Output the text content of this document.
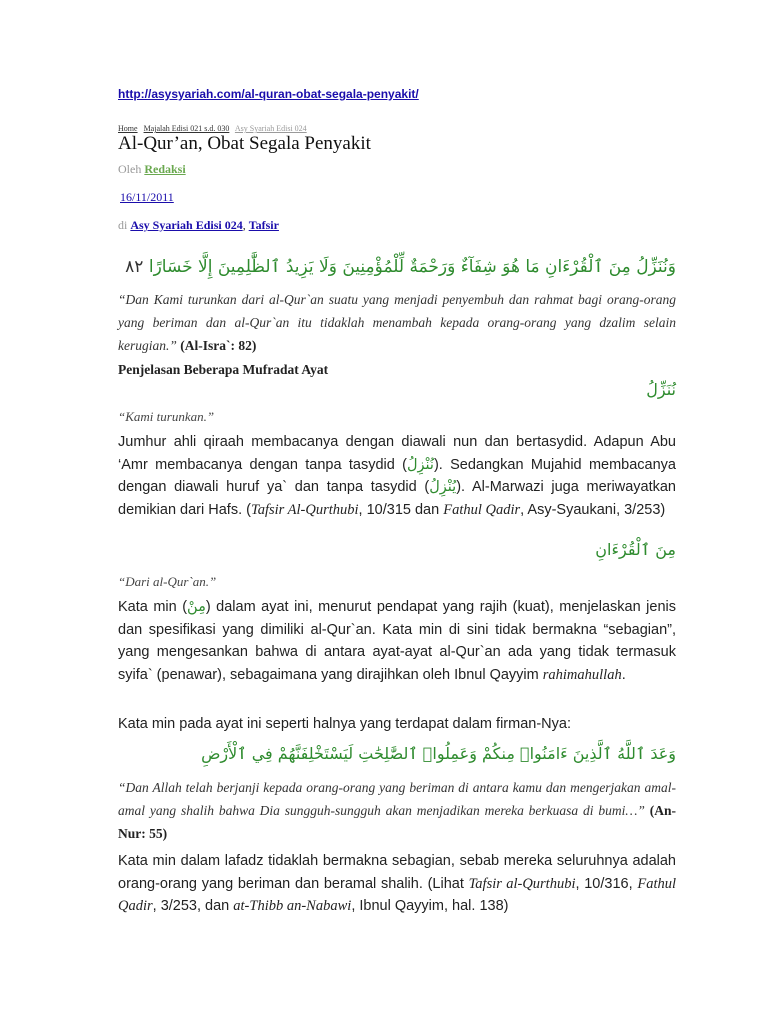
http://asysyariah.com/al-quran-obat-segala-penyakit/
Home Majalah Edisi 021 s.d. 030 Asy Syariah Edisi 024
Al-Qur’an, Obat Segala Penyakit
Oleh Redaksi
16/11/2011
di Asy Syariah Edisi 024, Tafsir
وَنُنَزِّلُ مِنَ ٱلْقُرْءَانِ مَا هُوَ شِفَآءٌ وَرَحْمَةٌ لِّلْمُؤْمِنِينَ وَلَا يَزِيدُ ٱلظَّٰلِمِينَ إِلَّا خَسَارًا ٨٢
“Dan Kami turunkan dari al-Qur`an suatu yang menjadi penyembuh dan rahmat bagi orang-orang yang beriman dan al-Qur`an itu tidaklah menambah kepada orang-orang yang dzalim selain kerugian.” (Al-Isra`: 82)
Penjelasan Beberapa Mufradat Ayat
نُنَزِّلُ
“Kami turunkan.”
Jumhur ahli qiraah membacanya dengan diawali nun dan bertasydid. Adapun Abu ‘Amr membacanya dengan tanpa tasydid (نُنْزِلُ). Sedangkan Mujahid membacanya dengan diawali huruf ya` dan tanpa tasydid (يُنْزِلُ). Al-Marwazi juga meriwayatkan demikian dari Hafs. (Tafsir Al-Qurthubi, 10/315 dan Fathul Qadir, Asy-Syaukani, 3/253)
مِنَ ٱلْقُرْءَانِ
“Dari al-Qur`an.”
Kata min (مِنْ) dalam ayat ini, menurut pendapat yang rajih (kuat), menjelaskan jenis dan spesifikasi yang dimiliki al-Qur`an. Kata min di sini tidak bermakna “sebagian”, yang mengesankan bahwa di antara ayat-ayat al-Qur`an ada yang tidak termasuk syifa` (penawar), sebagaimana yang dirajihkan oleh Ibnul Qayyim rahimahullah.
Kata min pada ayat ini seperti halnya yang terdapat dalam firman-Nya:
وَعَدَ ٱللَّهُ ٱلَّذِينَ ءَامَنُوا۟ مِنكُمْ وَعَمِلُوا۟ ٱلصَّٰلِحَٰتِ لَيَسْتَخْلِفَنَّهُمْ فِي ٱلْأَرْضِ
“Dan Allah telah berjanji kepada orang-orang yang beriman di antara kamu dan mengerjakan amal-amal yang shalih bahwa Dia sungguh-sungguh akan menjadikan mereka berkuasa di bumi…” (An-Nur: 55)
Kata min dalam lafadz tidaklah bermakna sebagian, sebab mereka seluruhnya adalah orang-orang yang beriman dan beramal shalih. (Lihat Tafsir al-Qurthubi, 10/316, Fathul Qadir, 3/253, dan at-Thibb an-Nabawi, Ibnul Qayyim, hal. 138)
